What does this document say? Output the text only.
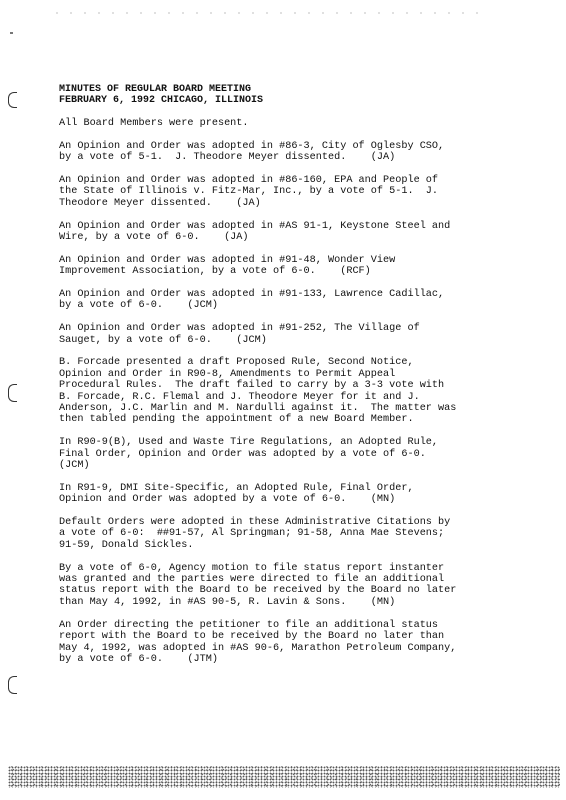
MINUTES OF REGULAR BOARD MEETING
FEBRUARY 6, 1992 CHICAGO, ILLINOIS
All Board Members were present.
An Opinion and Order was adopted in #86-3, City of Oglesby CSO,
by a vote of 5-1.  J. Theodore Meyer dissented.    (JA)
An Opinion and Order was adopted in #86-160, EPA and People of
the State of Illinois v. Fitz-Mar, Inc., by a vote of 5-1.  J.
Theodore Meyer dissented.    (JA)
An Opinion and Order was adopted in #AS 91-1, Keystone Steel and
Wire, by a vote of 6-0.    (JA)
An Opinion and Order was adopted in #91-48, Wonder View
Improvement Association, by a vote of 6-0.    (RCF)
An Opinion and Order was adopted in #91-133, Lawrence Cadillac,
by a vote of 6-0.    (JCM)
An Opinion and Order was adopted in #91-252, The Village of
Sauget, by a vote of 6-0.    (JCM)
B. Forcade presented a draft Proposed Rule, Second Notice,
Opinion and Order in R90-8, Amendments to Permit Appeal
Procedural Rules.  The draft failed to carry by a 3-3 vote with
B. Forcade, R.C. Flemal and J. Theodore Meyer for it and J.
Anderson, J.C. Marlin and M. Nardulli against it.  The matter was
then tabled pending the appointment of a new Board Member.
In R90-9(B), Used and Waste Tire Regulations, an Adopted Rule,
Final Order, Opinion and Order was adopted by a vote of 6-0.
(JCM)
In R91-9, DMI Site-Specific, an Adopted Rule, Final Order,
Opinion and Order was adopted by a vote of 6-0.    (MN)
Default Orders were adopted in these Administrative Citations by
a vote of 6-0:  ##91-57, Al Springman; 91-58, Anna Mae Stevens;
91-59, Donald Sickles.
By a vote of 6-0, Agency motion to file status report instanter
was granted and the parties were directed to file an additional
status report with the Board to be received by the Board no later
than May 4, 1992, in #AS 90-5, R. Lavin & Sons.    (MN)
An Order directing the petitioner to file an additional status
report with the Board to be received by the Board no later than
May 4, 1992, was adopted in #AS 90-6, Marathon Petroleum Company,
by a vote of 6-0.    (JTM)
